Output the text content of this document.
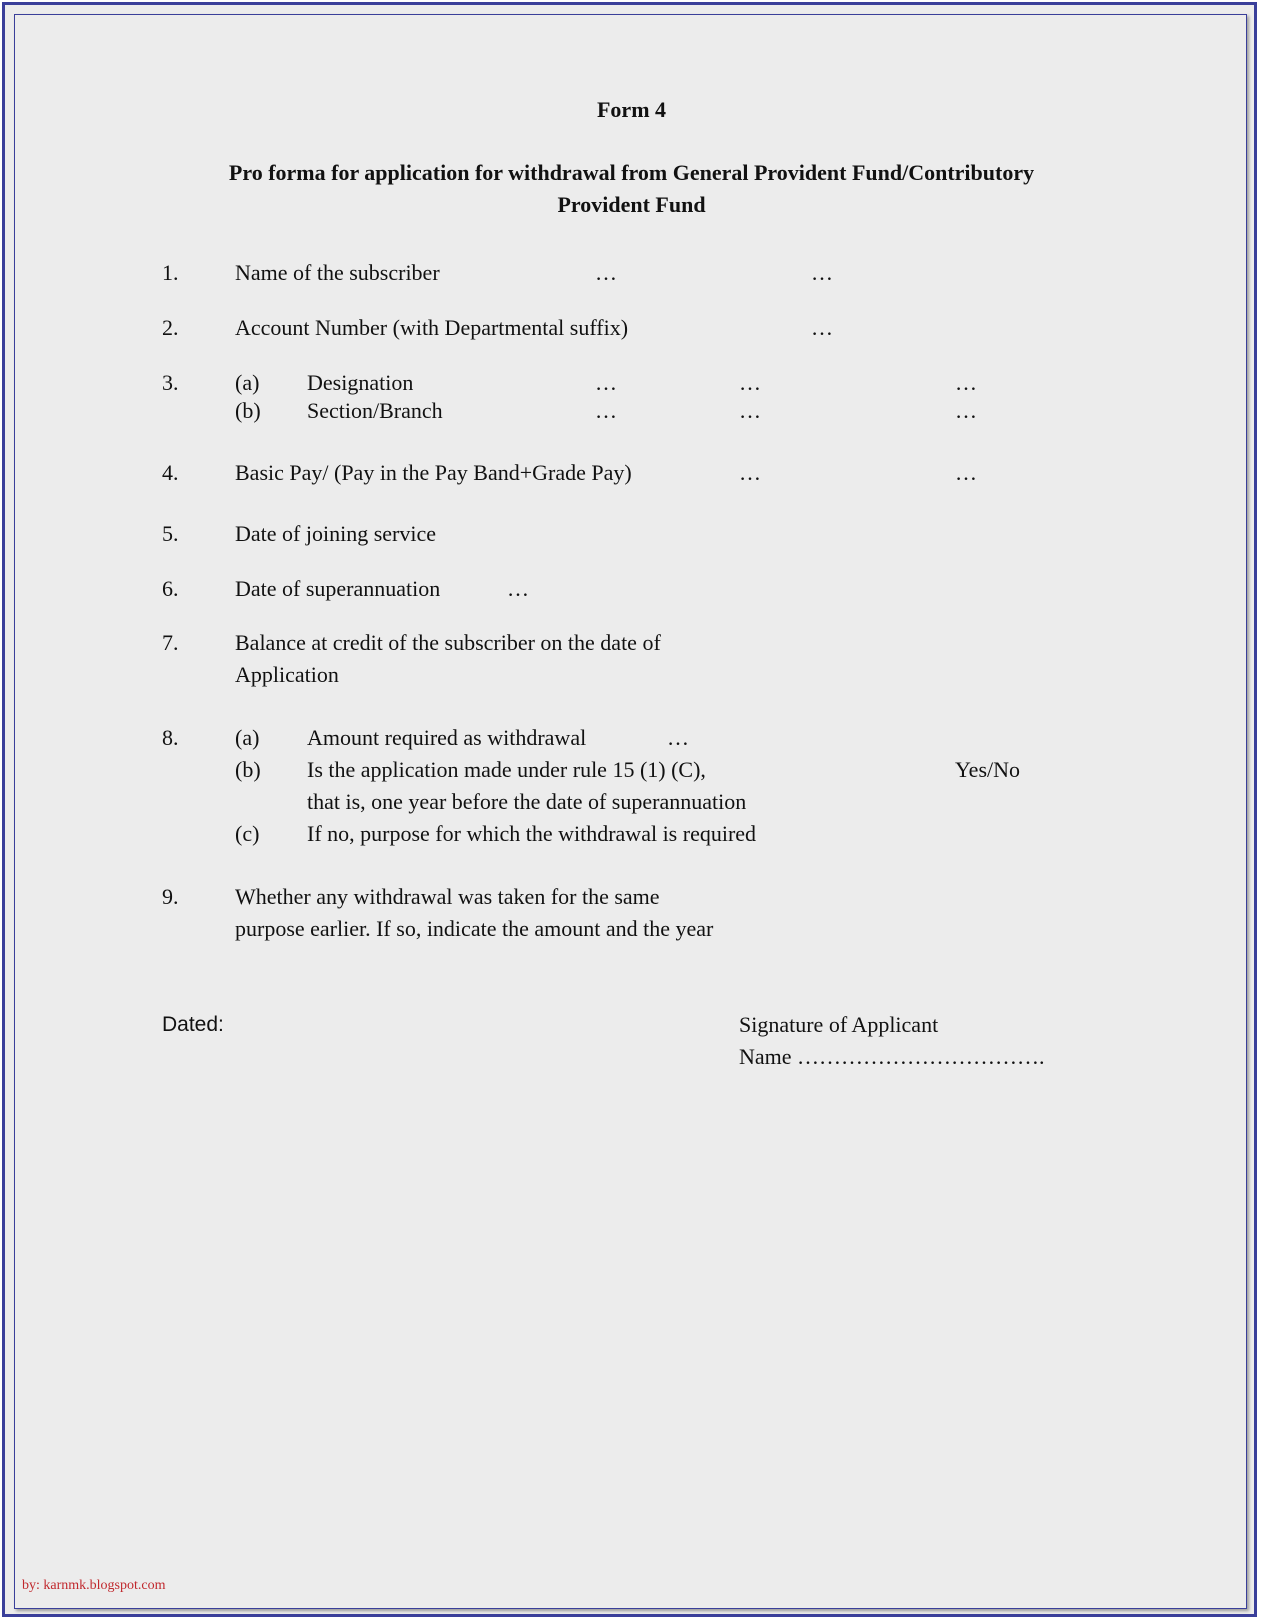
Form 4
Pro forma for application for withdrawal from General Provident Fund/Contributory
Provident Fund
1.	Name of the subscriber	…	…
2.	Account Number (with Departmental suffix)	…
3.	(a) Designation	…	…	…
(b) Section/Branch	…	…	…
4.	Basic Pay/ (Pay in the Pay Band+Grade Pay)	…	…
5.	Date of joining service
6.	Date of superannuation	…
7.	Balance at credit of the subscriber on the date of
Application
8.	(a) Amount required as withdrawal	…
(b) Is the application made under rule 15 (1) (C),	Yes/No
that is, one year before the date of superannuation
(c) If no, purpose for which the withdrawal is required
9.	Whether any withdrawal was taken for the same
purpose earlier. If so, indicate the amount and the year
Dated:	Signature of Applicant
Name …………………………….
by: karnmk.blogspot.com
